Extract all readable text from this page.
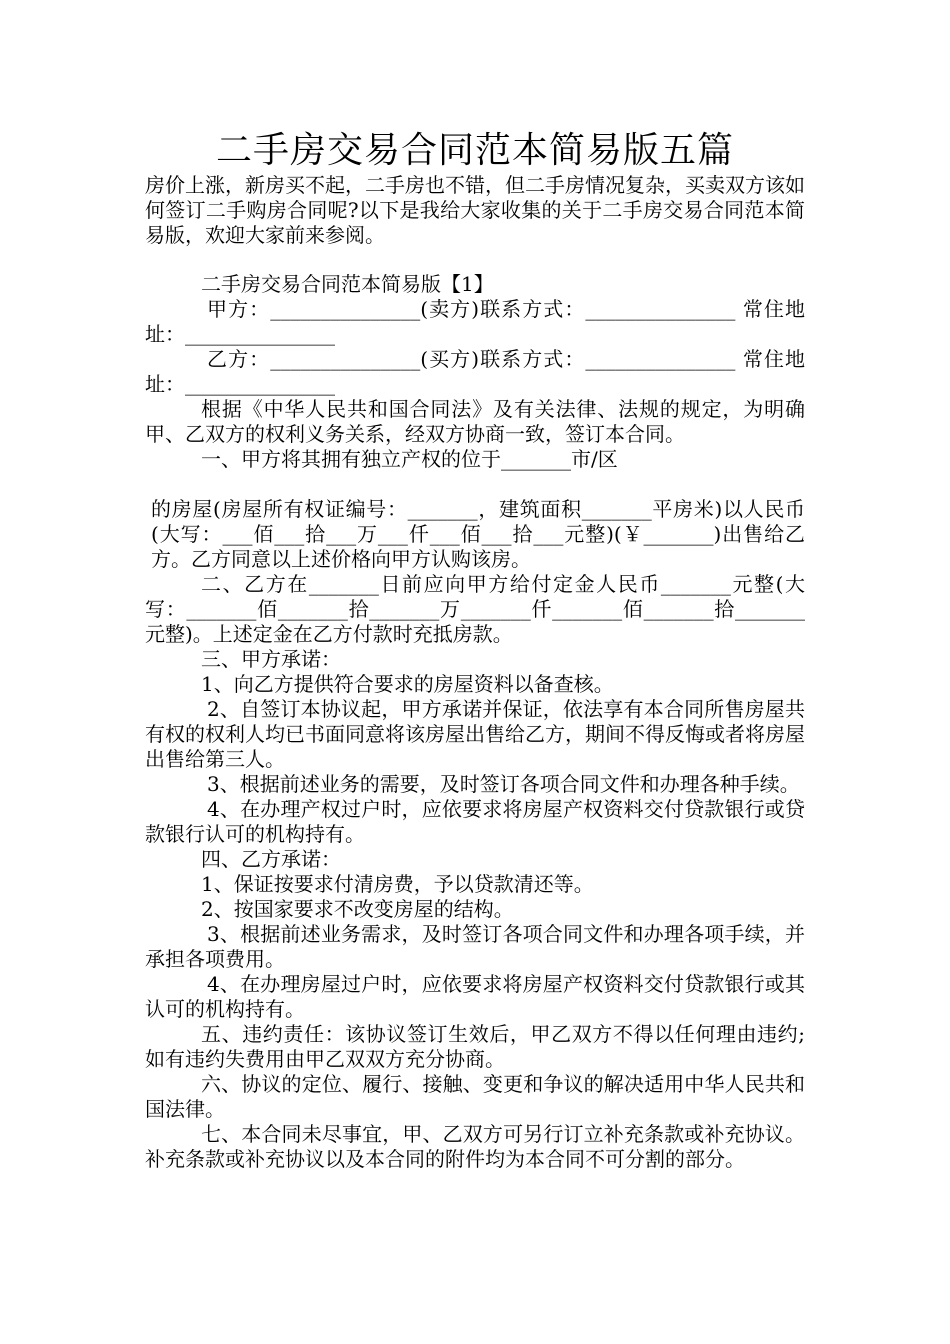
二手房交易合同范本简易版五篇

房价上涨，新房买不起，二手房也不错，但二手房情况复杂，买卖双方该如何签订二手购房合同呢?以下是我给大家收集的关于二手房交易合同范本简易版，欢迎大家前来参阅。

二手房交易合同范本简易版【1】

甲方：_______________(卖方)联系方式：_______________ 常住地址：_______________

乙方：_______________(买方)联系方式：_______________ 常住地址：_______________

根据《中华人民共和国合同法》及有关法律、法规的规定，为明确甲、乙双方的权利义务关系，经双方协商一致，签订本合同。

一、甲方将其拥有独立产权的位于_______市/区

的房屋(房屋所有权证编号：_______，建筑面积_______平房米)以人民币(大写：___佰___拾___万___仟___佰___拾___元整)(￥_______)出售给乙方。乙方同意以上述价格向甲方认购该房。

二、乙方在_______日前应向甲方给付定金人民币_______元整(大写：_______佰_______拾_______万_______仟_______佰_______拾_______元整)。上述定金在乙方付款时充抵房款。

三、甲方承诺：

1、向乙方提供符合要求的房屋资料以备查核。

2、自签订本协议起，甲方承诺并保证，依法享有本合同所售房屋共有权的权利人均已书面同意将该房屋出售给乙方，期间不得反悔或者将房屋出售给第三人。

3、根据前述业务的需要，及时签订各项合同文件和办理各种手续。

4、在办理产权过户时，应依要求将房屋产权资料交付贷款银行或贷款银行认可的机构持有。

四、乙方承诺：

1、保证按要求付清房费，予以贷款清还等。

2、按国家要求不改变房屋的结构。

3、根据前述业务需求，及时签订各项合同文件和办理各项手续，并承担各项费用。

4、在办理房屋过户时，应依要求将房屋产权资料交付贷款银行或其认可的机构持有。

五、违约责任：该协议签订生效后，甲乙双方不得以任何理由违约;如有违约失费用由甲乙双双方充分协商。

六、协议的定位、履行、接触、变更和争议的解决适用中华人民共和国法律。

七、本合同未尽事宜，甲、乙双方可另行订立补充条款或补充协议。补充条款或补充协议以及本合同的附件均为本合同不可分割的部分。
